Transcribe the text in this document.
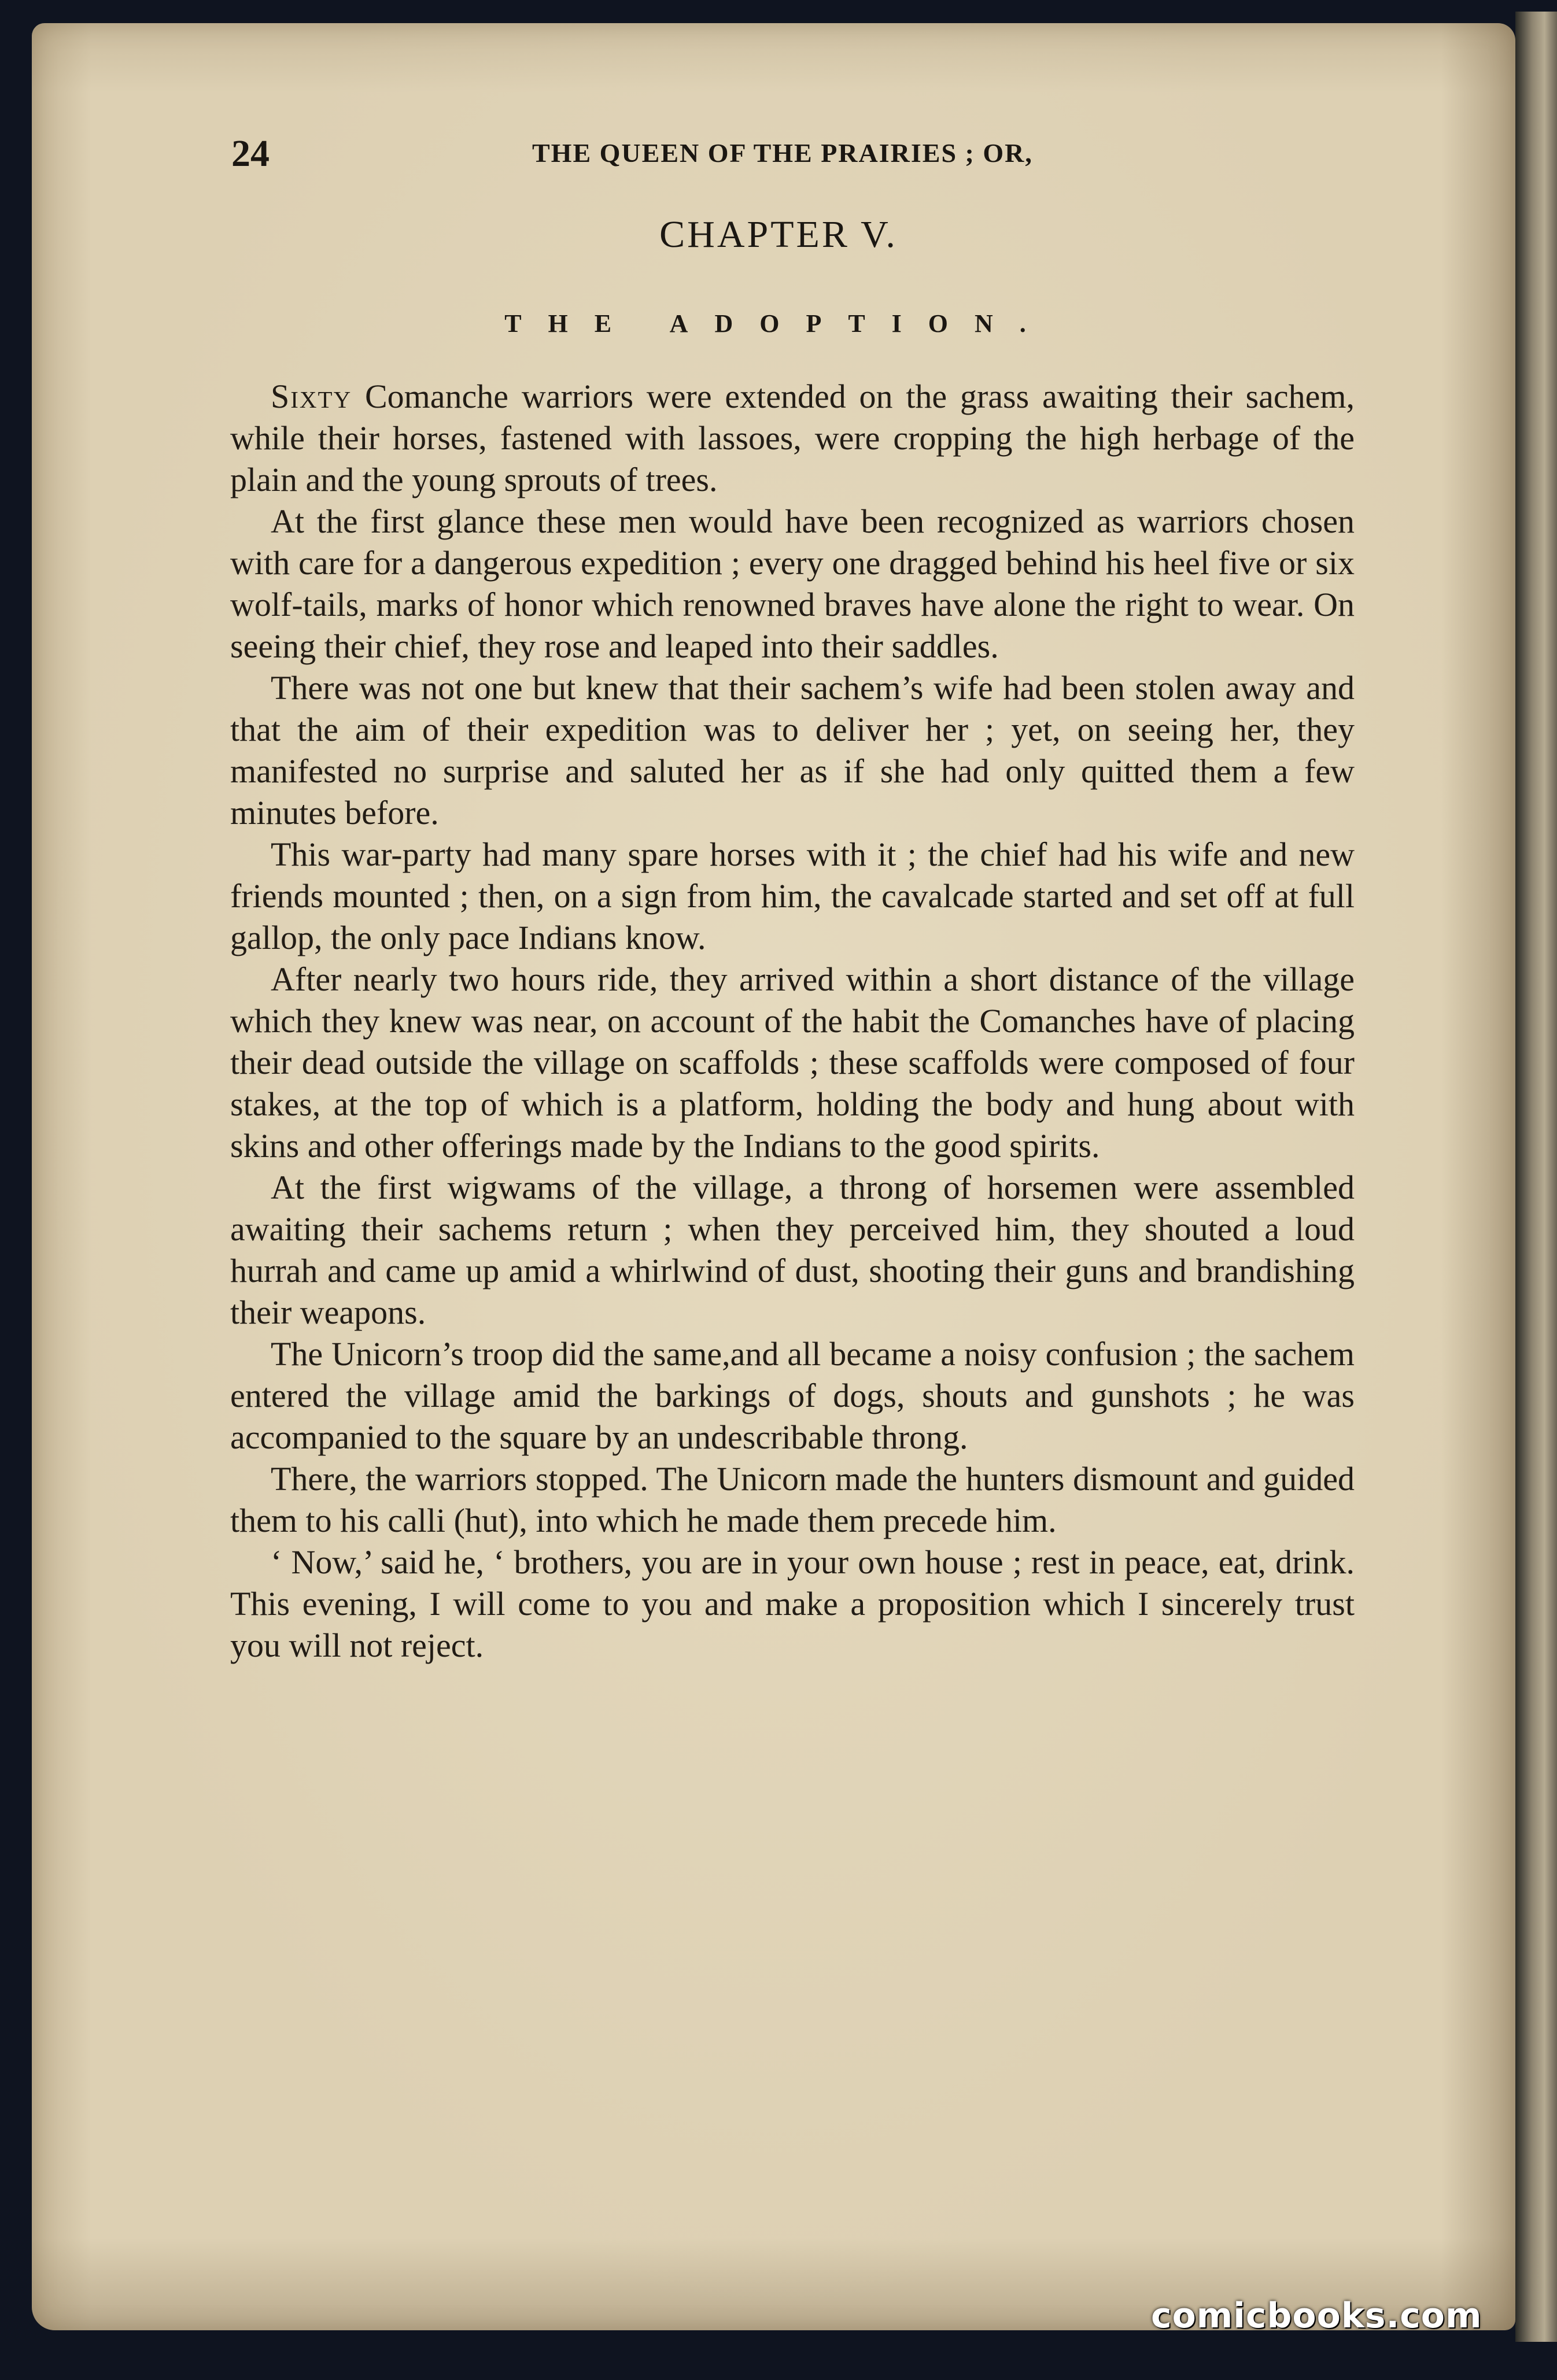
24	THE QUEEN OF THE PRAIRIES ; OR,
CHAPTER V.
THE ADOPTION.

Sixty Comanche warriors were extended on the grass awaiting their sachem, while their horses, fastened with lassoes, were cropping the high herbage of the plain and the young sprouts of trees.

At the first glance these men would have been recognized as warriors chosen with care for a dangerous expedition ; every one dragged behind his heel five or six wolf-tails, marks of honor which renowned braves have alone the right to wear. On seeing their chief, they rose and leaped into their saddles.

There was not one but knew that their sachem’s wife had been stolen away and that the aim of their expedition was to deliver her ; yet, on seeing her, they manifested no surprise and saluted her as if she had only quitted them a few minutes before.

This war-party had many spare horses with it ; the chief had his wife and new friends mounted ; then, on a sign from him, the cavalcade started and set off at full gallop, the only pace Indians know.

After nearly two hours ride, they arrived within a short distance of the village which they knew was near, on account of the habit the Comanches have of placing their dead outside the village on scaffolds ; these scaffolds were composed of four stakes, at the top of which is a platform, holding the body and hung about with skins and other offerings made by the Indians to the good spirits.

At the first wigwams of the village, a throng of horsemen were assembled awaiting their sachems return ; when they perceived him, they shouted a loud hurrah and came up amid a whirlwind of dust, shooting their guns and brandishing their weapons.

The Unicorn’s troop did the same,and all became a noisy confusion ; the sachem entered the village amid the barkings of dogs, shouts and gunshots ; he was accompanied to the square by an undescribable throng.

There, the warriors stopped. The Unicorn made the hunters dismount and guided them to his calli (hut), into which he made them precede him.

‘ Now,’ said he, ‘ brothers, you are in your own house ; rest in peace, eat, drink. This evening, I will come to you and make a proposition which I sincerely trust you will not reject.

comicbooks.com
